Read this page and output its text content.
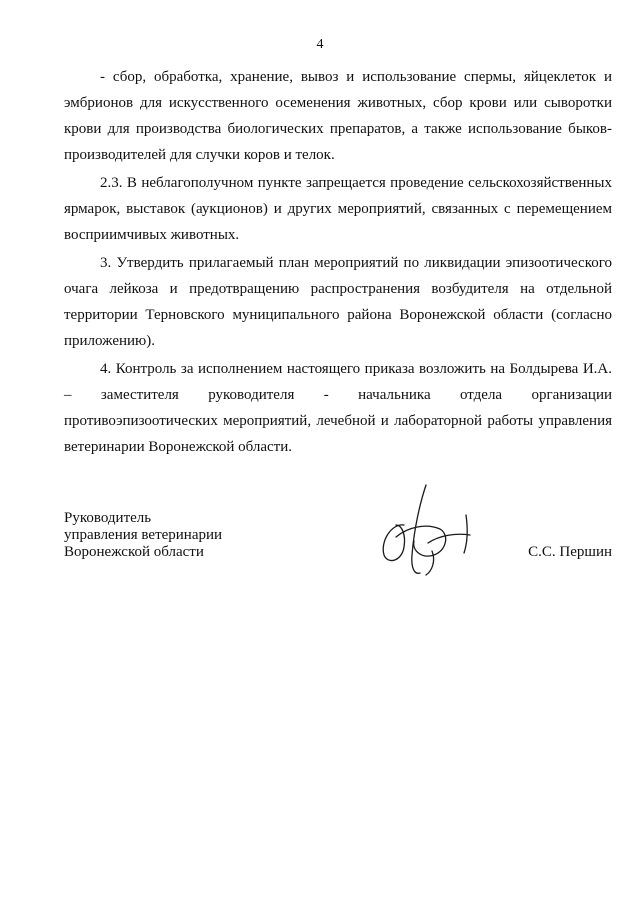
4

- сбор, обработка, хранение, вывоз и использование спермы, яйцеклеток и эмбрионов для искусственного осеменения животных, сбор крови или сыворотки крови для производства биологических препаратов, а также использование быков-производителей для случки коров и телок.

2.3. В неблагополучном пункте запрещается проведение сельскохозяйственных ярмарок, выставок (аукционов) и других мероприятий, связанных с перемещением восприимчивых животных.

3. Утвердить прилагаемый план мероприятий по ликвидации эпизоотического очага лейкоза и предотвращению распространения возбудителя на отдельной территории Терновского муниципального района Воронежской области (согласно приложению).

4. Контроль за исполнением настоящего приказа возложить на Болдырева И.А. – заместителя руководителя - начальника отдела организации противоэпизоотических мероприятий, лечебной и лабораторной работы управления ветеринарии Воронежской области.

Руководитель
управления ветеринарии
Воронежской области	С.С. Першин
